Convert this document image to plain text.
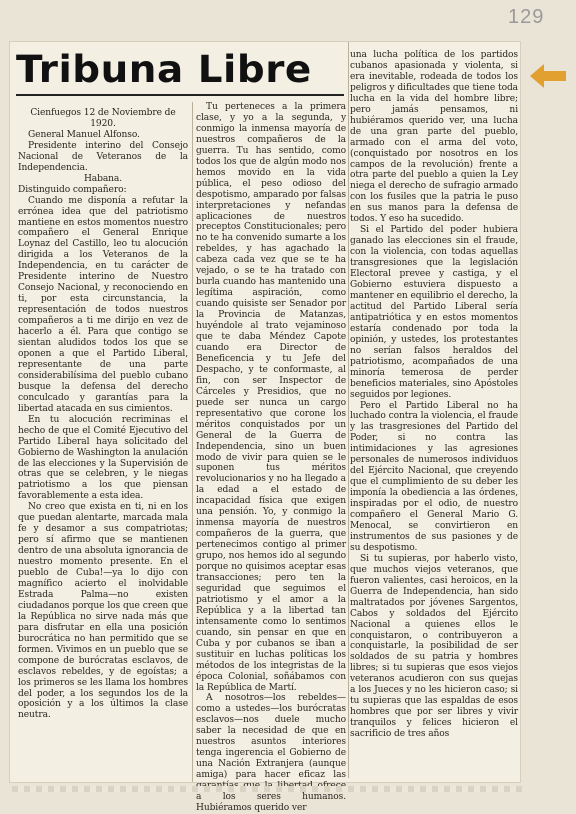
129
Tribuna Libre

Cienfuegos 12 de Noviembre de 1920.

General Manuel Alfonso.

Presidente interino del Consejo Nacional de Veteranos de la Independencia.

Habana.

Distinguido compañero:

Cuando me disponía a refutar la errónea idea que del patriotismo mantiene en estos momentos nuestro compañero el General Enrique Loynaz del Castillo, leo tu alocución dirigida a los Veteranos de la Independencia, en tu carácter de Presidente interino de Nuestro Consejo Nacional, y reconociendo en ti, por esta circunstancia, la representación de todos nuestros compañeros a ti me dirijo en vez de hacerlo a él. Para que contigo se sientan aludidos todos los que se oponen a que el Partido Liberal, representante de una parte considerabilísima del pueblo cubano busque la defensa del derecho conculcado y garantías para la libertad atacada en sus cimientos.

En tu alocución recriminas el hecho de que el Comité Ejecutivo del Partido Liberal haya solicitado del Gobierno de Washington la anulación de las elecciones y la Supervisión de otras que se celebren, y le niegas patriotismo a los que piensan favorablemente a esta idea.

No creo que exista en ti, ni en los que puedan alentarte, marcada mala fe y desamor a sus compatriotas; pero sí afirmo que se mantienen dentro de una absoluta ignorancia de nuestro momento presente. En el pueblo de Cuba!—ya lo dijo con magnífico acierto el inolvidable Estrada Palma—no existen ciudadanos porque los que creen que la República no sirve nada más que para disfrutar en ella una posición burocrática no han permitido que se formen. Vivimos en un pueblo que se compone de burócratas esclavos, de esclavos rebeldes, y de egoístas; a los primeros se les llama los hombres del poder, a los segundos los de la oposición y a los últimos la clase neutra.

Tu perteneces a la primera clase, y yo a la segunda, y conmigo la inmensa mayoría de nuestros compañeros de la guerra. Tu has sentido, como todos los que de algún modo nos hemos movido en la vida pública, el peso odioso del despotismo, amparado por falsas interpretaciones y nefandas aplicaciones de nuestros preceptos Constitucionales; pero no te ha convenido sumarte a los rebeldes, y has agachado la cabeza cada vez que se te ha vejado, o se te ha tratado con burla cuando has mantenido una legítima aspiración, como cuando quisiste ser Senador por la Provincia de Matanzas, huyéndole al trato vejaminoso que te daba Méndez Capote cuando era Director de Beneficencia y tu Jefe del Despacho, y te conformaste, al fin, con ser Inspector de Cárceles y Presidios, que no puede ser nunca un cargo representativo que corone los méritos conquistados por un General de la Guerra de Independencia, sino un buen modo de vivir para quien se le suponen tus méritos revolucionarios y no ha llegado a la edad a el estado de incapacidad física que exigen una pensión. Yo, y conmigo la inmensa mayoría de nuestros compañeros de la guerra, que pertenecimos contigo al primer grupo, nos hemos ido al segundo porque no quisimos aceptar esas transacciones; pero ten la seguridad que seguimos el patriotismo y el amor a la República y a la libertad tan intensamente como lo sentimos cuando, sin pensar en que en Cuba y por cubanos se iban a sustituir en luchas políticas los métodos de los integristas de la época Colonial, soñábamos con la República de Martí.

A nosotros—los rebeldes—como a ustedes—los burócratas esclavos—nos duele mucho saber la necesidad de que en nuestros asuntos interiores tenga ingerencia el Gobierno de una Nación Extranjera (aunque amiga) para hacer eficaz las a los seres humanos. Hubiéramos querido ver

una lucha política de los partidos cubanos apasionada y violenta, si era inevitable, rodeada de todos los peligros y dificultades que tiene toda lucha en la vida del hombre libre; pero jamás pensamos, ni hubiéramos querido ver, una lucha de una gran parte del pueblo, armado con el arma del voto, (conquistado por nosotros en los campos de la revolución) frente a otra parte del pueblo a quien la Ley niega el derecho de sufragio armado con los fusiles que la patria le puso en sus manos para la defensa de todos. Y eso ha sucedido.

Si el Partido del poder hubiera ganado las elecciones sin el fraude, con la violencia, con todas aquellas transgresiones que la legislación Electoral prevee y castiga, y el Gobierno estuviera dispuesto a mantener en equilibrio el derecho, la actitud del Partido Liberal sería antipatriótica y en estos momentos estaría condenado por toda la opinión, y ustedes, los protestantes no serían falsos heraldos del patriotismo, acompañados de una minoría temerosa de perder beneficios materiales, sino Apóstoles seguidos por legiones.

Pero el Partido Liberal no ha luchado contra la violencia, el fraude y las trasgresiones del Partido del Poder, si no contra las intimidaciones y las agresiones personales de numerosos individuos del Ejército Nacional, que creyendo que el cumplimiento de su deber les imponía la obediencia a las órdenes, inspiradas por el odio, de nuestro compañero el General Mario G. Menocal, se convirtieron en instrumentos de sus pasiones y de su despotismo.

Si tu supieras, por haberlo visto, que muchos viejos veteranos, que fueron valientes, casi heroicos, en la Guerra de Independencia, han sido maltratados por jóvenes Sargentos, Cabos y soldados del Ejército Nacional a quienes ellos le conquistaron, o contribuyeron a conquistarle, la posibilidad de ser soldados de su patria y hombres libres; si tu supieras que esos viejos veteranos acudieron con sus quejas a los Jueces y no les hicieron caso; si tu supieras que las espaldas de esos hombres que por ser libres y vivir tranquilos y felices hicieron el sacrificio de tres años
